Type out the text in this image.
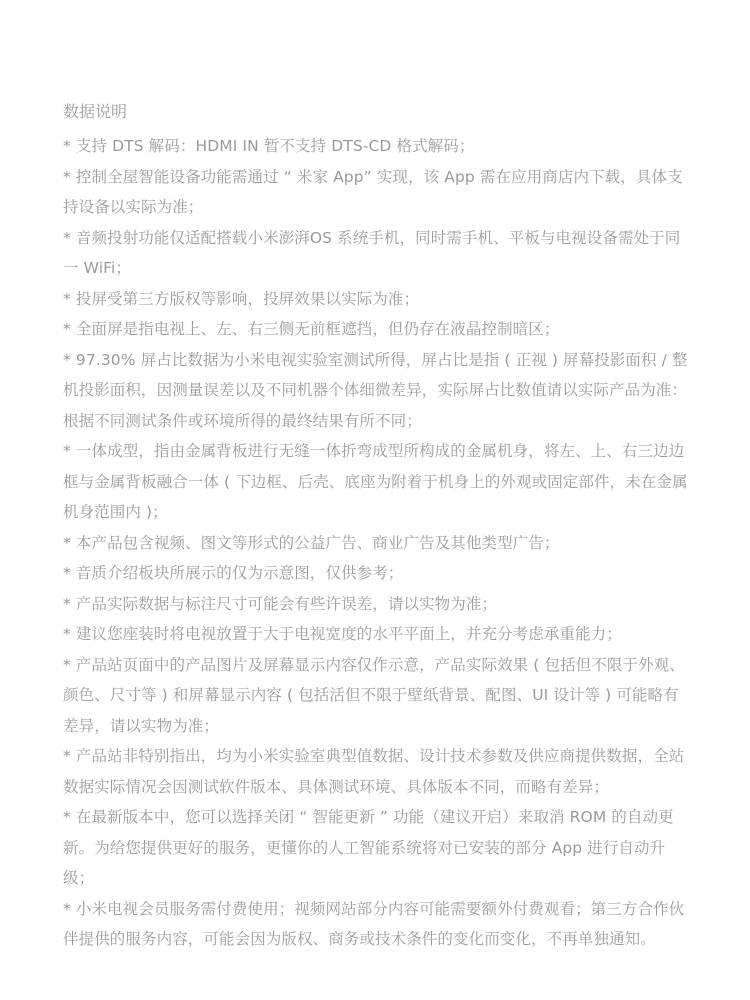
数据说明
* 支持 DTS 解码：HDMI IN 暂不支持 DTS-CD 格式解码；
* 控制全屋智能设备功能需通过 “ 米家 App” 实现，该 App 需在应用商店内下载，具体支持设备以实际为准；
* 音频投射功能仅适配搭载小米澎湃OS 系统手机，同时需手机、平板与电视设备需处于同一 WiFi；
* 投屏受第三方版权等影响，投屏效果以实际为准；
* 全面屏是指电视上、左、右三侧无前框遮挡，但仍存在液晶控制暗区；
* 97.30% 屏占比数据为小米电视实验室测试所得，屏占比是指 ( 正视 ) 屏幕投影面积 / 整机投影面积，因测量误差以及不同机器个体细微差异，实际屏占比数值请以实际产品为准：根据不同测试条件或环境所得的最终结果有所不同；
* 一体成型，指由金属背板进行无缝一体折弯成型所构成的金属机身，将左、上、右三边边框与金属背板融合一体 ( 下边框、后壳、底座为附着于机身上的外观或固定部件，未在金属机身范围内 )；
* 本产品包含视频、图文等形式的公益广告、商业广告及其他类型广告；
* 音质介绍板块所展示的仅为示意图，仅供参考；
* 产品实际数据与标注尺寸可能会有些许误差，请以实物为准；
* 建议您座装时将电视放置于大于电视宽度的水平平面上，并充分考虑承重能力；
* 产品站页面中的产品图片及屏幕显示内容仅作示意，产品实际效果 ( 包括但不限于外观、颜色、尺寸等 ) 和屏幕显示内容 ( 包括活但不限于壁纸背景、配图、UI 设计等 ) 可能略有差异，请以实物为准；
* 产品站非特别指出，均为小米实验室典型值数据、设计技术参数及供应商提供数据，全站数据实际情况会因测试软件版本、具体测试环境、具体版本不同，而略有差异；
* 在最新版本中，您可以选择关闭 “ 智能更新 ” 功能（建议开启）来取消 ROM 的自动更新。为给您提供更好的服务，更懂你的人工智能系统将对已安装的部分 App 进行自动升级；
* 小米电视会员服务需付费使用；视频网站部分内容可能需要额外付费观看；第三方合作伙伴提供的服务内容，可能会因为版权、商务或技术条件的变化而变化，不再单独通知。
